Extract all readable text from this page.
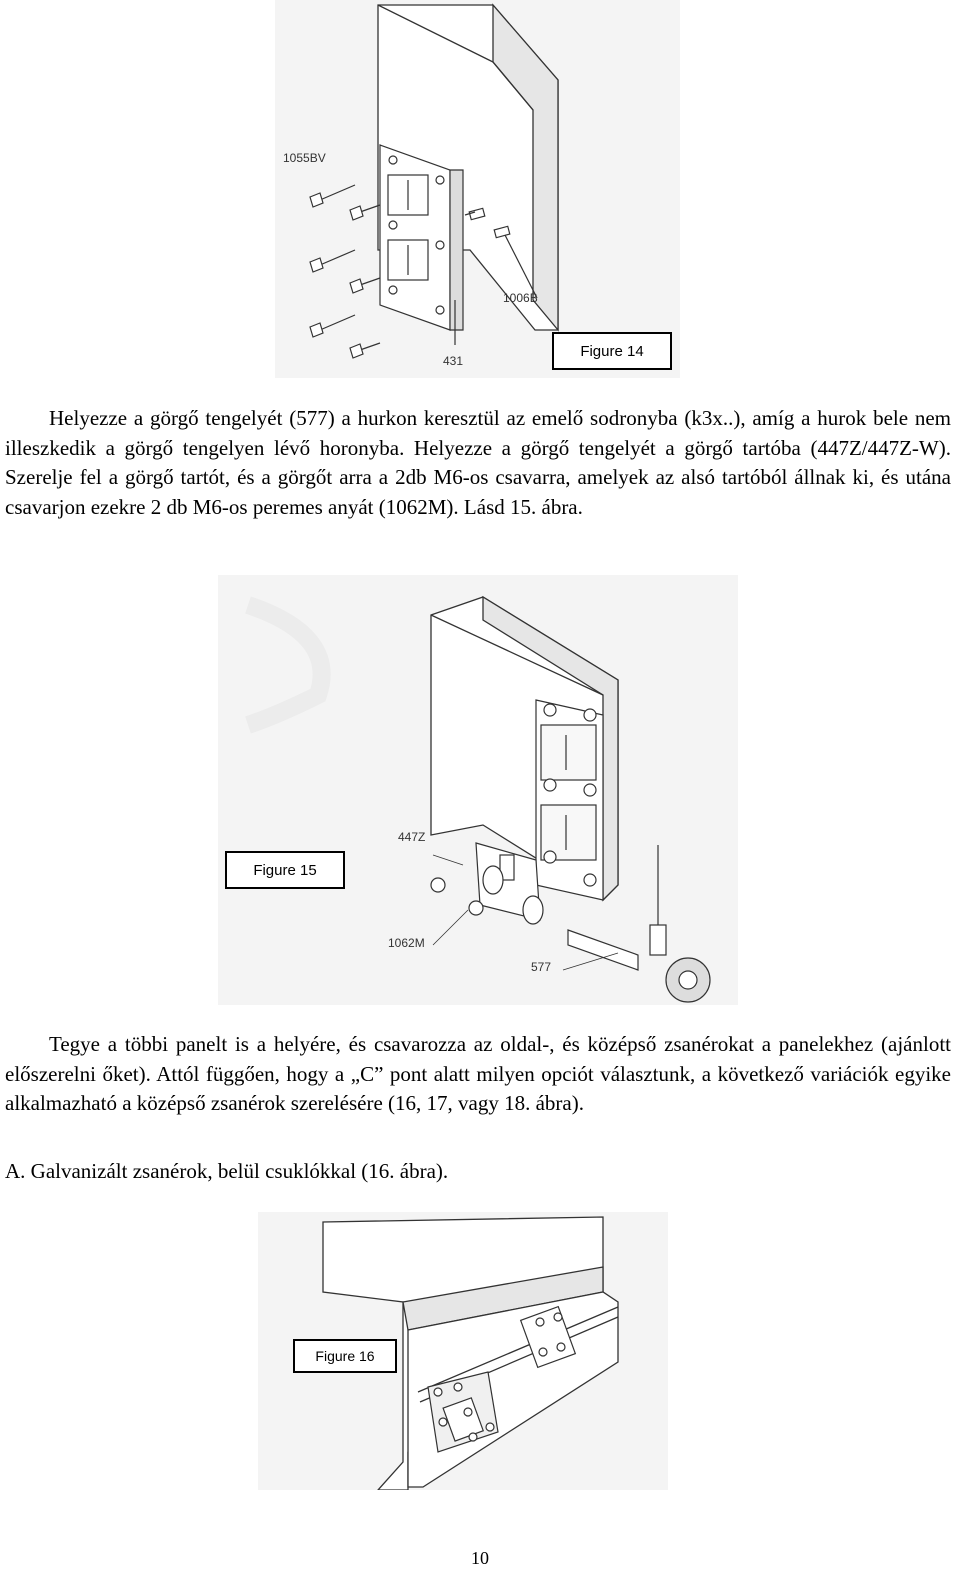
1055BV
1006B
431
Figure 14

Helyezze a görgő tengelyét (577) a hurkon keresztül az emelő sodronyba (k3x..), amíg a hurok bele nem illeszkedik a görgő tengelyen lévő horonyba. Helyezze a görgő tengelyét a görgő tartóba (447Z/447Z-W). Szerelje fel a görgő tartót, és a görgőt arra a 2db M6-os csavarra, amelyek az alsó tartóból állnak ki, és utána csavarjon ezekre 2 db M6-os peremes anyát (1062M). Lásd 15. ábra.

447Z
1062M
577
Figure 15

Tegye a többi panelt is a helyére, és csavarozza az oldal-, és középső zsanérokat a panelekhez (ajánlott előszerelni őket). Attól függően, hogy a „C” pont alatt milyen opciót választunk, a következő variációk egyike alkalmazható a középső zsanérok szerelésére (16, 17, vagy 18. ábra).

A. Galvanizált zsanérok, belül csuklókkal (16. ábra).

Figure 16
10
